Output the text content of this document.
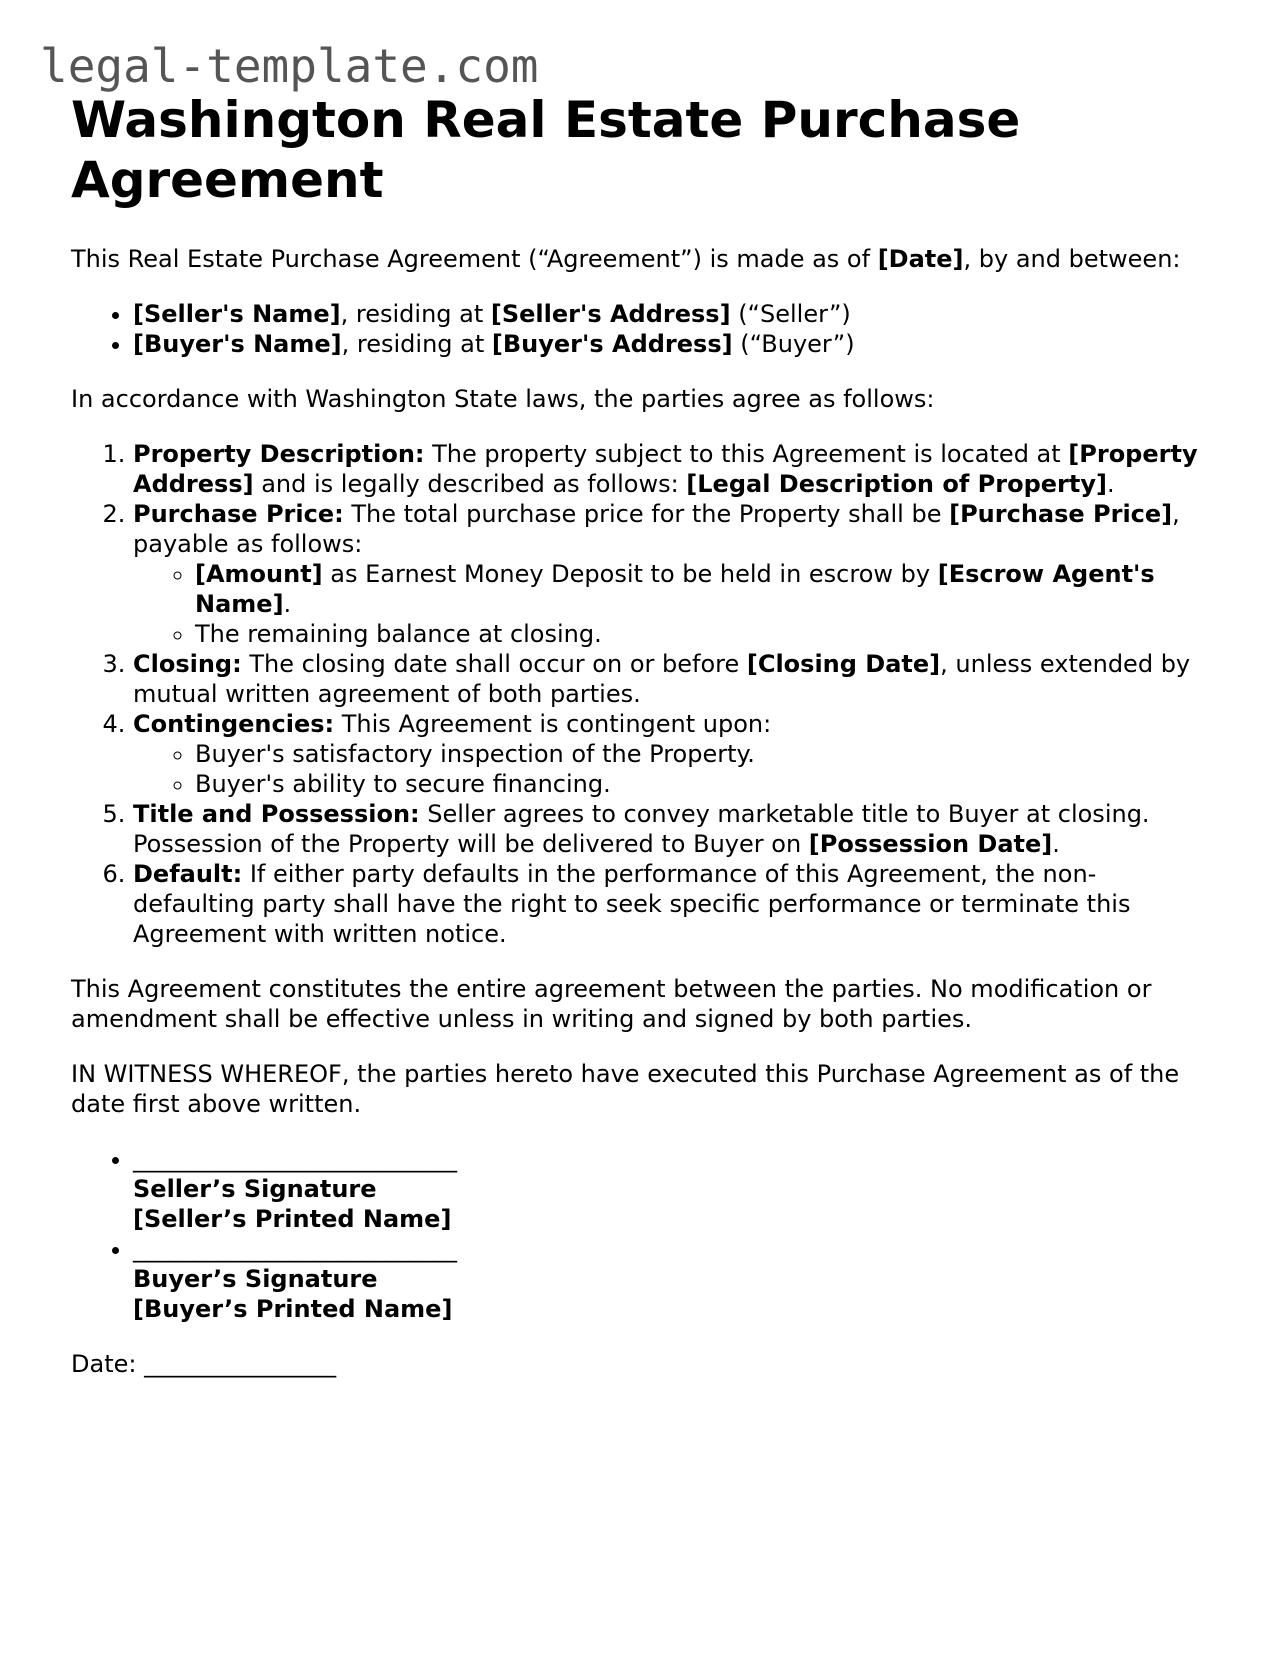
legal-template.com
Washington Real Estate Purchase Agreement

This Real Estate Purchase Agreement (“Agreement”) is made as of [Date], by and between:

• [Seller's Name], residing at [Seller's Address] (“Seller”)
• [Buyer's Name], residing at [Buyer's Address] (“Buyer”)

In accordance with Washington State laws, the parties agree as follows:

1. Property Description: The property subject to this Agreement is located at [Property Address] and is legally described as follows: [Legal Description of Property].
2. Purchase Price: The total purchase price for the Property shall be [Purchase Price], payable as follows:
◦ [Amount] as Earnest Money Deposit to be held in escrow by [Escrow Agent's Name].
◦ The remaining balance at closing.
3. Closing: The closing date shall occur on or before [Closing Date], unless extended by mutual written agreement of both parties.
4. Contingencies: This Agreement is contingent upon:
◦ Buyer's satisfactory inspection of the Property.
◦ Buyer's ability to secure financing.
5. Title and Possession: Seller agrees to convey marketable title to Buyer at closing. Possession of the Property will be delivered to Buyer on [Possession Date].
6. Default: If either party defaults in the performance of this Agreement, the non-defaulting party shall have the right to seek specific performance or terminate this Agreement with written notice.

This Agreement constitutes the entire agreement between the parties. No modification or amendment shall be effective unless in writing and signed by both parties.

IN WITNESS WHEREOF, the parties hereto have executed this Purchase Agreement as of the date first above written.

• ___________________________
Seller’s Signature
[Seller’s Printed Name]
• ___________________________
Buyer’s Signature
[Buyer’s Printed Name]

Date: ________________
